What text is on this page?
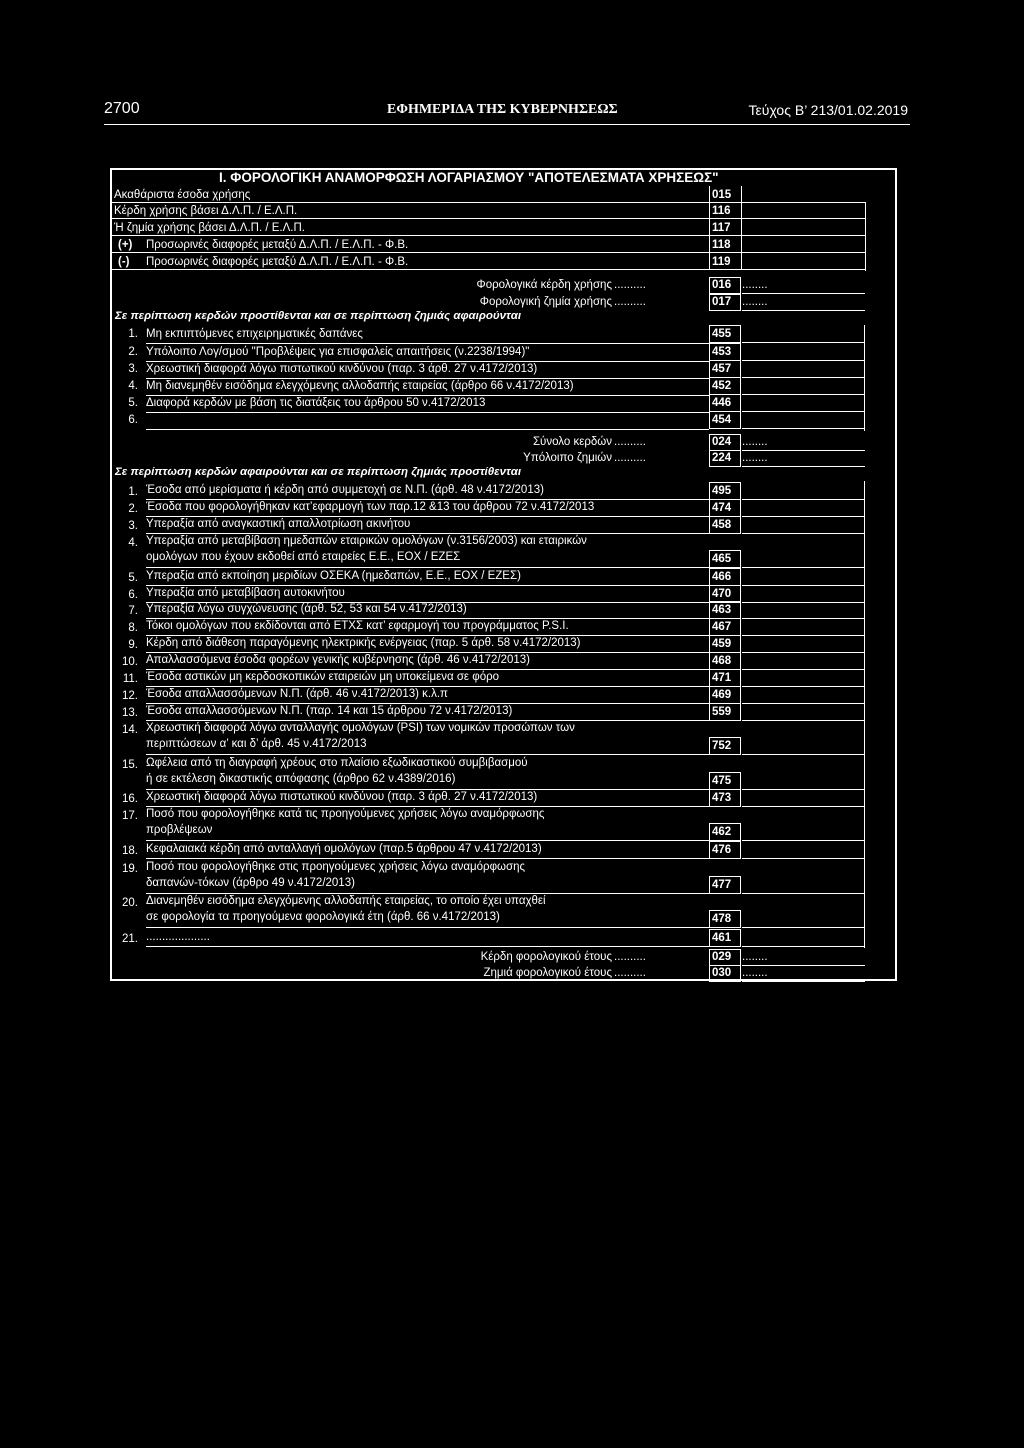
2700	ΕΦΗΜΕΡΙΔΑ ΤΗΣ ΚΥΒΕΡΝΗΣΕΩΣ	Τεύχος Β’ 213/01.02.2019
Ι. ΦΟΡΟΛΟΓΙΚΗ ΑΝΑΜΟΡΦΩΣΗ ΛΟΓΑΡΙΑΣΜΟΥ "ΑΠΟΤΕΛΕΣΜΑΤΑ ΧΡΗΣΕΩΣ"
Ακαθάριστα έσοδα χρήσης	015
Κέρδη χρήσης βάσει Δ.Λ.Π. / Ε.Λ.Π.	116
Ή ζημία χρήσης βάσει Δ.Λ.Π. / Ε.Λ.Π.	117
(+) Προσωρινές διαφορές μεταξύ Δ.Λ.Π. / Ε.Λ.Π. - Φ.Β.	118
(-) Προσωρινές διαφορές μεταξύ Δ.Λ.Π. / Ε.Λ.Π. - Φ.Β.	119
Φορολογικά κέρδη χρήσης ..........	016 ........
Φορολογική ζημία χρήσης ..........	017 ........
Σε περίπτωση κερδών προστίθενται και σε περίπτωση ζημιάς αφαιρούνται
1. Μη εκπιπτόμενες επιχειρηματικές δαπάνες	455
2. Υπόλοιπο Λογ/σμού "Προβλέψεις για επισφαλείς απαιτήσεις (ν.2238/1994)"	453
3. Χρεωστική διαφορά λόγω πιστωτικού κινδύνου (παρ. 3 άρθ. 27 ν.4172/2013)	457
4. Μη διανεμηθέν εισόδημα ελεγχόμενης αλλοδαπής εταιρείας (άρθρο 66 ν.4172/2013)	452
5. Διαφορά κερδών με βάση τις διατάξεις του άρθρου 50 ν.4172/2013	446
6.	454
Σύνολο κερδών ..........	024 ........
Υπόλοιπο ζημιών ..........	224 ........
Σε περίπτωση κερδών αφαιρούνται και σε περίπτωση ζημιάς προστίθενται
1. Έσοδα από μερίσματα ή κέρδη από συμμετοχή σε Ν.Π. (άρθ. 48 ν.4172/2013)	495
2. Έσοδα που φορολογήθηκαν κατ’εφαρμογή των παρ.12 &13 του άρθρου 72 ν.4172/2013	474
3. Υπεραξία από αναγκαστική απαλλοτρίωση ακινήτου	458
4. Υπεραξία από μεταβίβαση ημεδαπών εταιρικών ομολόγων (ν.3156/2003) και εταιρικών
ομολόγων που έχουν εκδοθεί από εταιρείες Ε.Ε., ΕΟΧ / ΕΖΕΣ	465
5. Υπεραξία από εκποίηση μεριδίων ΟΣΕΚΑ (ημεδαπών, Ε.Ε., ΕΟΧ / ΕΖΕΣ)	466
6. Υπεραξία από μεταβίβαση αυτοκινήτου	470
7. Υπεραξία λόγω συγχώνευσης (άρθ. 52, 53 και 54 ν.4172/2013)	463
8. Τόκοι ομολόγων που εκδίδονται από ΕΤΧΣ κατ’ εφαρμογή του προγράμματος P.S.I.	467
9. Κέρδη από διάθεση παραγόμενης ηλεκτρικής ενέργειας (παρ. 5 άρθ. 58 ν.4172/2013)	459
10. Απαλλασσόμενα έσοδα φορέων γενικής κυβέρνησης (άρθ. 46 ν.4172/2013)	468
11. Έσοδα αστικών μη κερδοσκοπικών εταιρειών μη υποκείμενα σε φόρο	471
12. Έσοδα απαλλασσόμενων Ν.Π. (άρθ. 46 ν.4172/2013) κ.λ.π	469
13. Έσοδα απαλλασσόμενων Ν.Π. (παρ. 14 και 15 άρθρου 72 ν.4172/2013)	559
14. Χρεωστική διαφορά λόγω ανταλλαγής ομολόγων (PSI) των νομικών προσώπων των
περιπτώσεων α’ και δ’ άρθ. 45 ν.4172/2013	752
15. Ωφέλεια από τη διαγραφή χρέους στο πλαίσιο εξωδικαστικού συμβιβασμού
ή σε εκτέλεση δικαστικής απόφασης (άρθρο 62 ν.4389/2016)	475
16. Χρεωστική διαφορά λόγω πιστωτικού κινδύνου (παρ. 3 άρθ. 27 ν.4172/2013)	473
17. Ποσό που φορολογήθηκε κατά τις προηγούμενες χρήσεις λόγω αναμόρφωσης
προβλέψεων	462
18. Κεφαλαιακά κέρδη από ανταλλαγή ομολόγων (παρ.5 άρθρου 47 ν.4172/2013)	476
19. Ποσό που φορολογήθηκε στις προηγούμενες χρήσεις λόγω αναμόρφωσης
δαπανών-τόκων (άρθρο 49 ν.4172/2013)	477
20. Διανεμηθέν εισόδημα ελεγχόμενης αλλοδαπής εταιρείας, το οποίο έχει υπαχθεί
σε φορολογία τα προηγούμενα φορολογικά έτη (άρθ. 66 ν.4172/2013)	478
21. ....................	461
Κέρδη φορολογικού έτους ..........	029 ........
Ζημιά φορολογικού έτους ..........	030 ........
